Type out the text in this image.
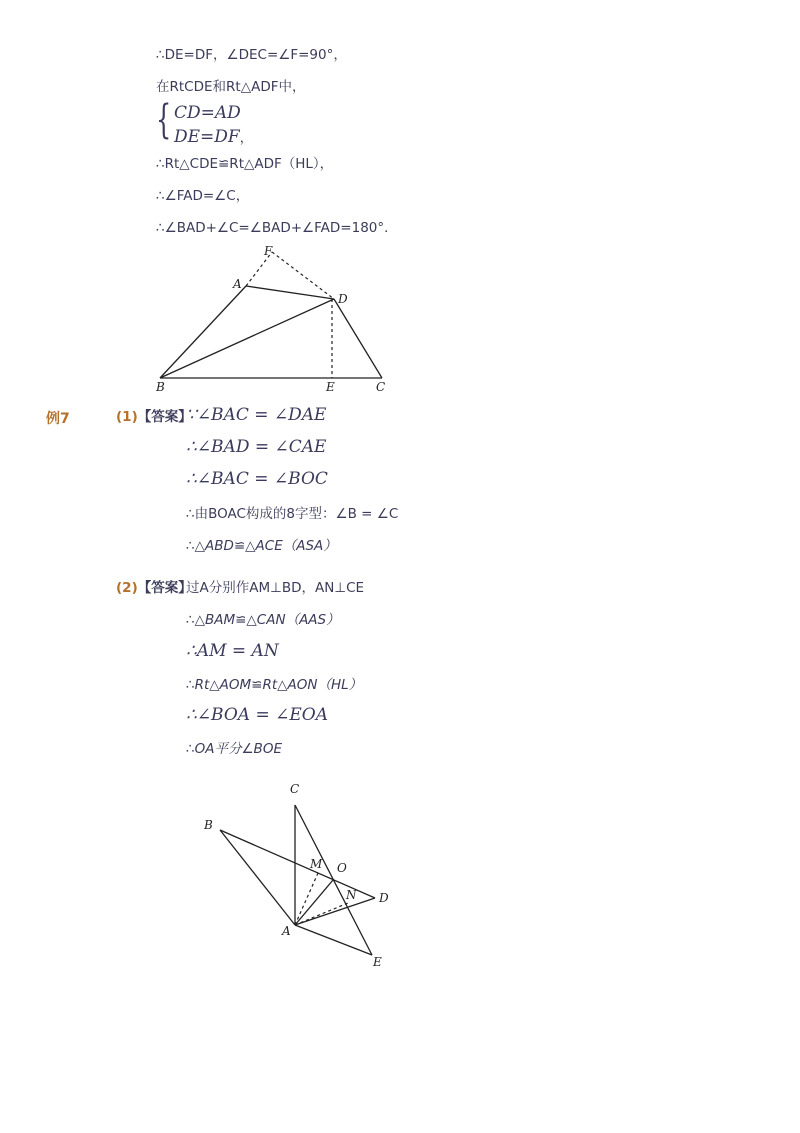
∴DE=DF，∠DEC=∠F=90°，
在RtCDE和Rt△ADF中，
{ CD=AD
DE=DF，
∴Rt△CDE≌Rt△ADF（HL），
∴∠FAD=∠C，
∴∠BAD+∠C=∠BAD+∠FAD=180°．
F
A
D
B	E	C
例7	(1)【答案】
∵∠BAC = ∠DAE
∴∠BAD = ∠CAE
∴∠BAC = ∠BOC
∴由BOAC构成的8字型：∠B = ∠C
∴△ABD≌△ACE（ASA）
(2)【答案】
过A分别作AM⊥BD，AN⊥CE
∴△BAM≌△CAN（AAS）
∴AM = AN
∴Rt△AOM≌Rt△AON（HL）
∴∠BOA = ∠EOA
∴OA平分∠BOE
C
B
M O
N D
A
E
